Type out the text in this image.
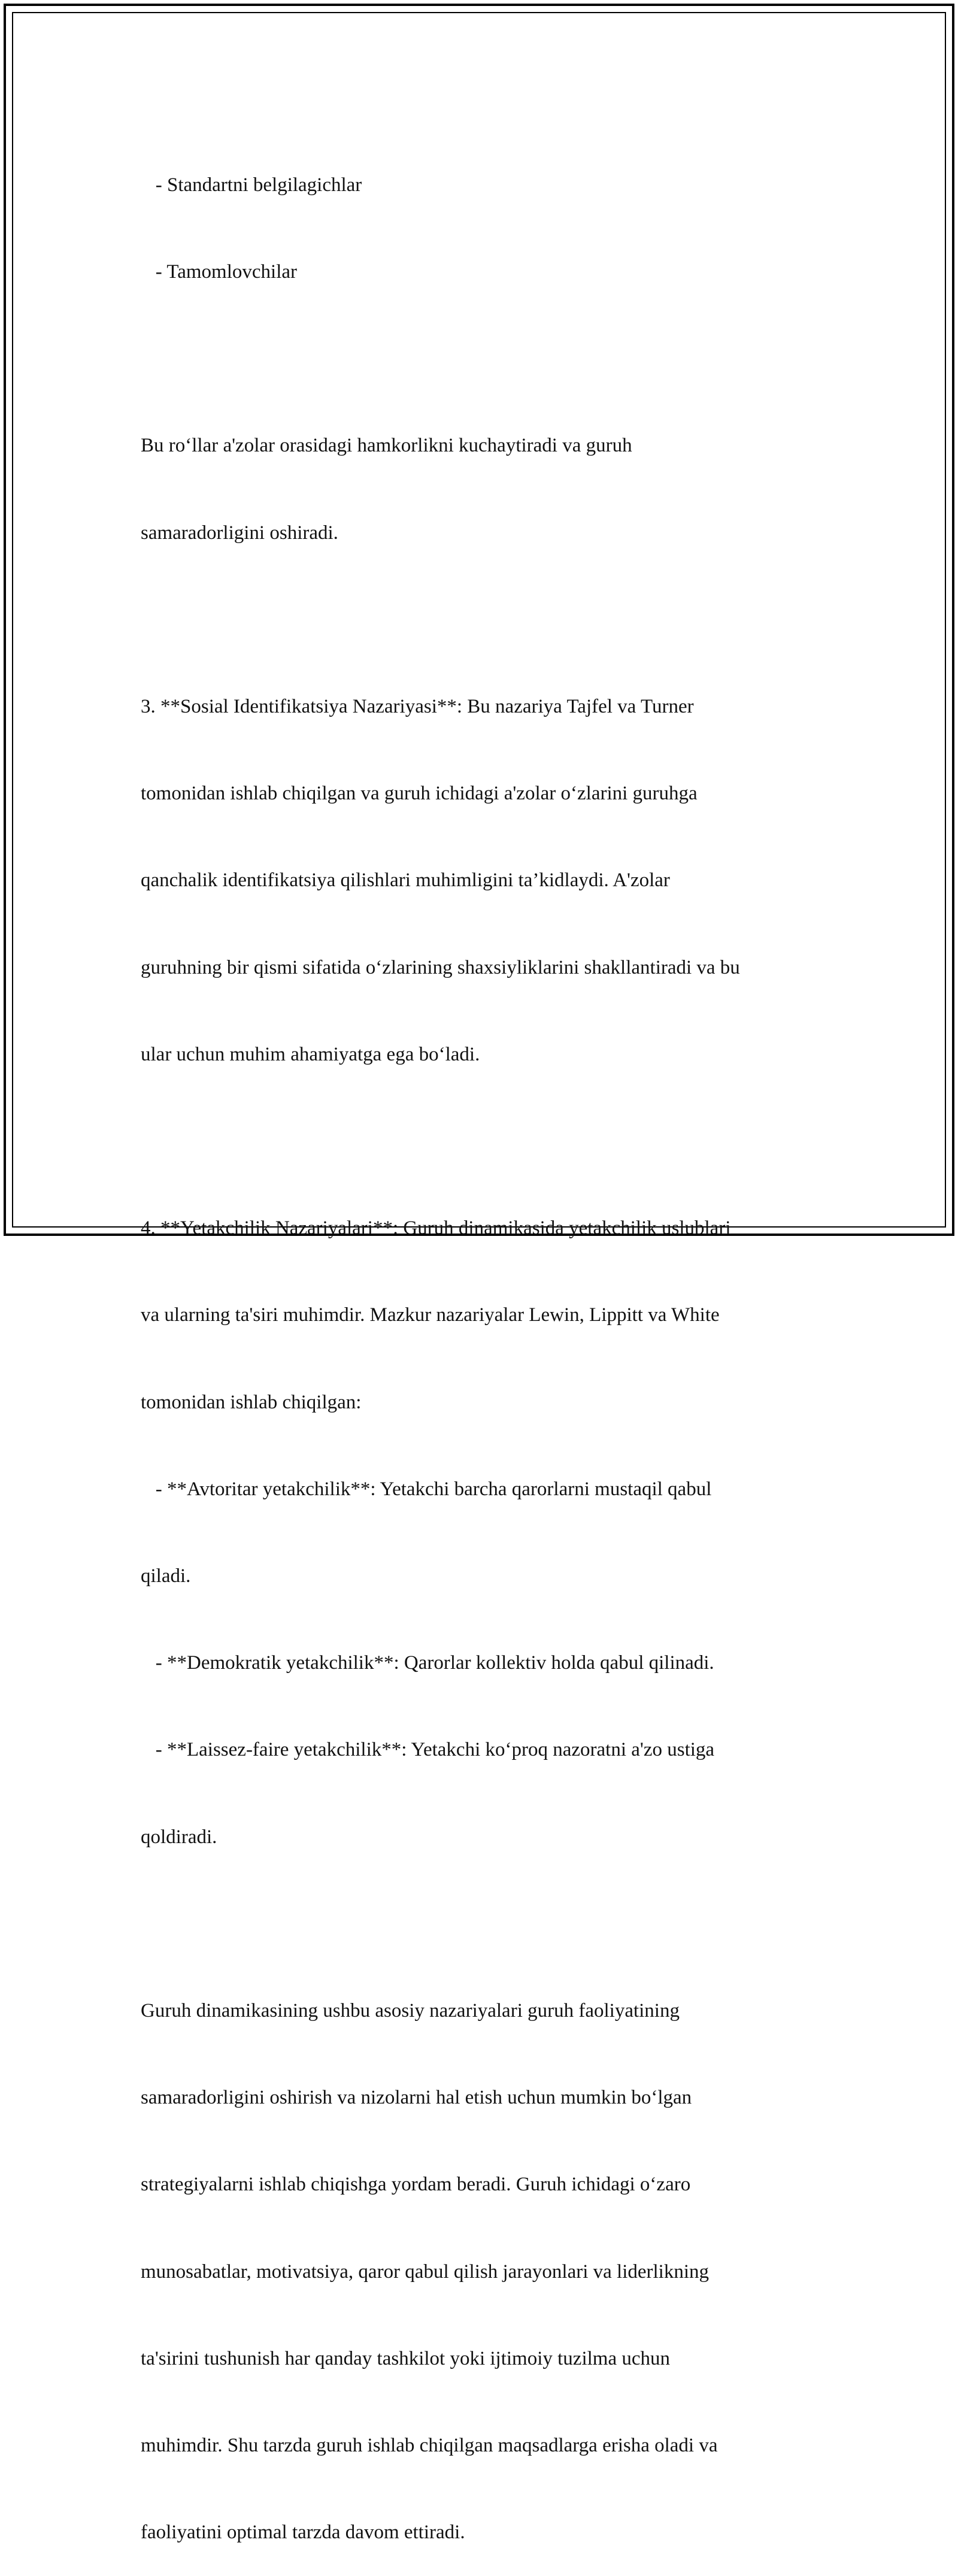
- Standartni belgilagichlar

- Tamomlovchilar

Bu ro‘llar a'zolar orasidagi hamkorlikni kuchaytiradi va guruh

samaradorligini oshiradi.

3. **Sosial Identifikatsiya Nazariyasi**: Bu nazariya Tajfel va Turner

tomonidan ishlab chiqilgan va guruh ichidagi a'zolar o‘zlarini guruhga

qanchalik identifikatsiya qilishlari muhimligini ta’kidlaydi. A'zolar

guruhning bir qismi sifatida o‘zlarining shaxsiyliklarini shakllantiradi va bu

ular uchun muhim ahamiyatga ega bo‘ladi.

4. **Yetakchilik Nazariyalari**: Guruh dinamikasida yetakchilik uslublari

va ularning ta'siri muhimdir. Mazkur nazariyalar Lewin, Lippitt va White

tomonidan ishlab chiqilgan:

- **Avtoritar yetakchilik**: Yetakchi barcha qarorlarni mustaqil qabul

qiladi.

- **Demokratik yetakchilik**: Qarorlar kollektiv holda qabul qilinadi.

- **Laissez-faire yetakchilik**: Yetakchi ko‘proq nazoratni a'zo ustiga

qoldiradi.

Guruh dinamikasining ushbu asosiy nazariyalari guruh faoliyatining

samaradorligini oshirish va nizolarni hal etish uchun mumkin bo‘lgan

strategiyalarni ishlab chiqishga yordam beradi. Guruh ichidagi o‘zaro

munosabatlar, motivatsiya, qaror qabul qilish jarayonlari va liderlikning

ta'sirini tushunish har qanday tashkilot yoki ijtimoiy tuzilma uchun

muhimdir. Shu tarzda guruh ishlab chiqilgan maqsadlarga erisha oladi va

faoliyatini optimal tarzda davom ettiradi.
